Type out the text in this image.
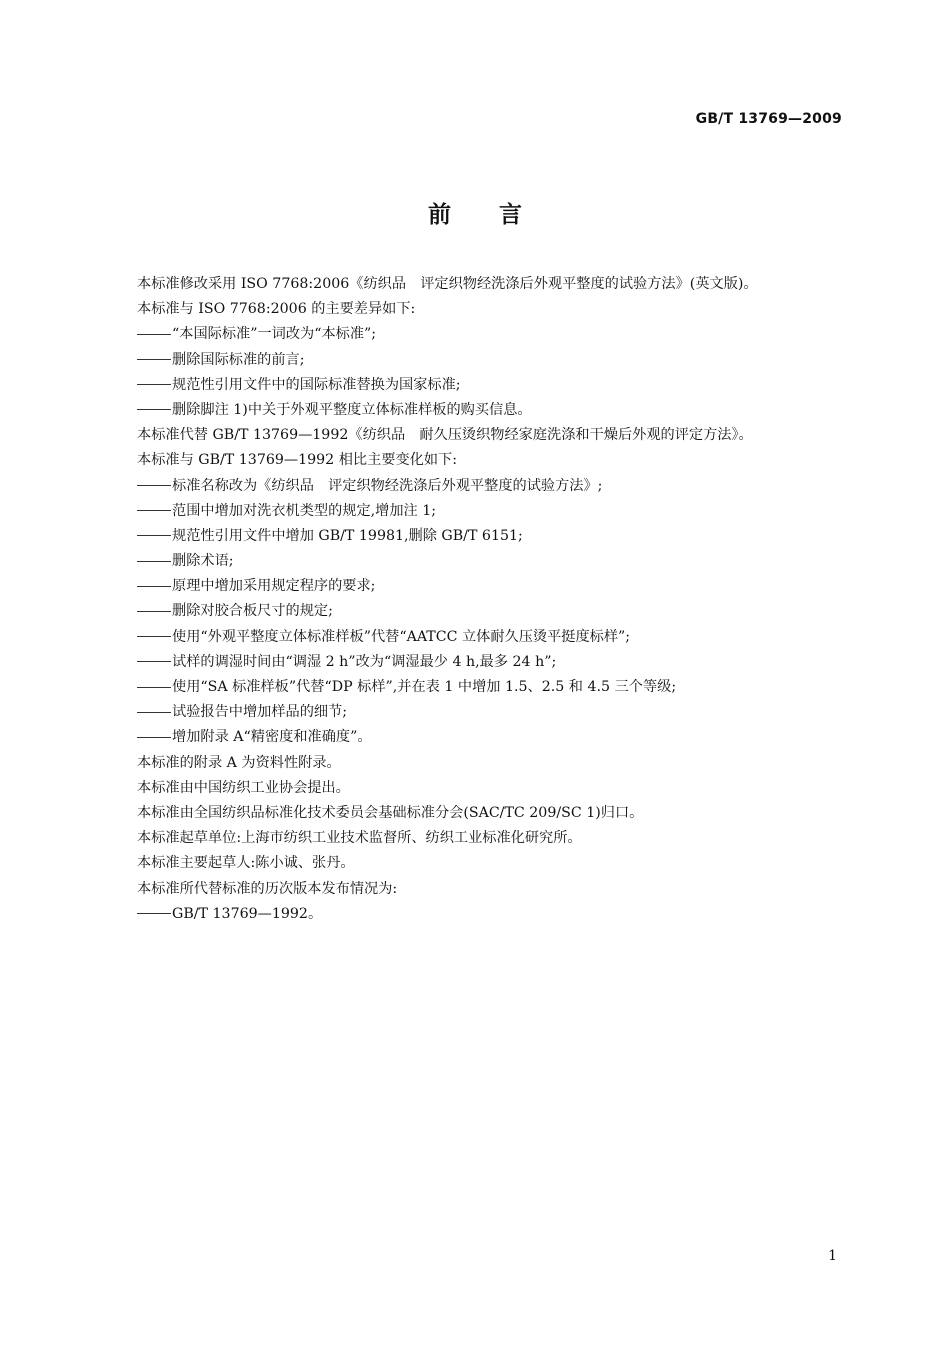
GB/T 13769—2009
前言
本标准修改采用 ISO 7768:2006《纺织品　评定织物经洗涤后外观平整度的试验方法》(英文版)。
本标准与 ISO 7768:2006 的主要差异如下:
“本国际标准”一词改为“本标准”;
删除国际标准的前言;
规范性引用文件中的国际标准替换为国家标准;
删除脚注 1)中关于外观平整度立体标准样板的购买信息。
本标准代替 GB/T 13769—1992《纺织品　耐久压烫织物经家庭洗涤和干燥后外观的评定方法》。
本标准与 GB/T 13769—1992 相比主要变化如下:
标准名称改为《纺织品　评定织物经洗涤后外观平整度的试验方法》;
范围中增加对洗衣机类型的规定,增加注 1;
规范性引用文件中增加 GB/T 19981,删除 GB/T 6151;
删除术语;
原理中增加采用规定程序的要求;
删除对胶合板尺寸的规定;
使用“外观平整度立体标准样板”代替“AATCC 立体耐久压烫平挺度标样”;
试样的调湿时间由“调湿 2 h”改为“调湿最少 4 h,最多 24 h”;
使用“SA 标准样板”代替“DP 标样”,并在表 1 中增加 1.5、2.5 和 4.5 三个等级;
试验报告中增加样品的细节;
增加附录 A“精密度和准确度”。
本标准的附录 A 为资料性附录。
本标准由中国纺织工业协会提出。
本标准由全国纺织品标准化技术委员会基础标准分会(SAC/TC 209/SC 1)归口。
本标准起草单位:上海市纺织工业技术监督所、纺织工业标准化研究所。
本标准主要起草人:陈小诚、张丹。
本标准所代替标准的历次版本发布情况为:
GB/T 13769—1992。
1
